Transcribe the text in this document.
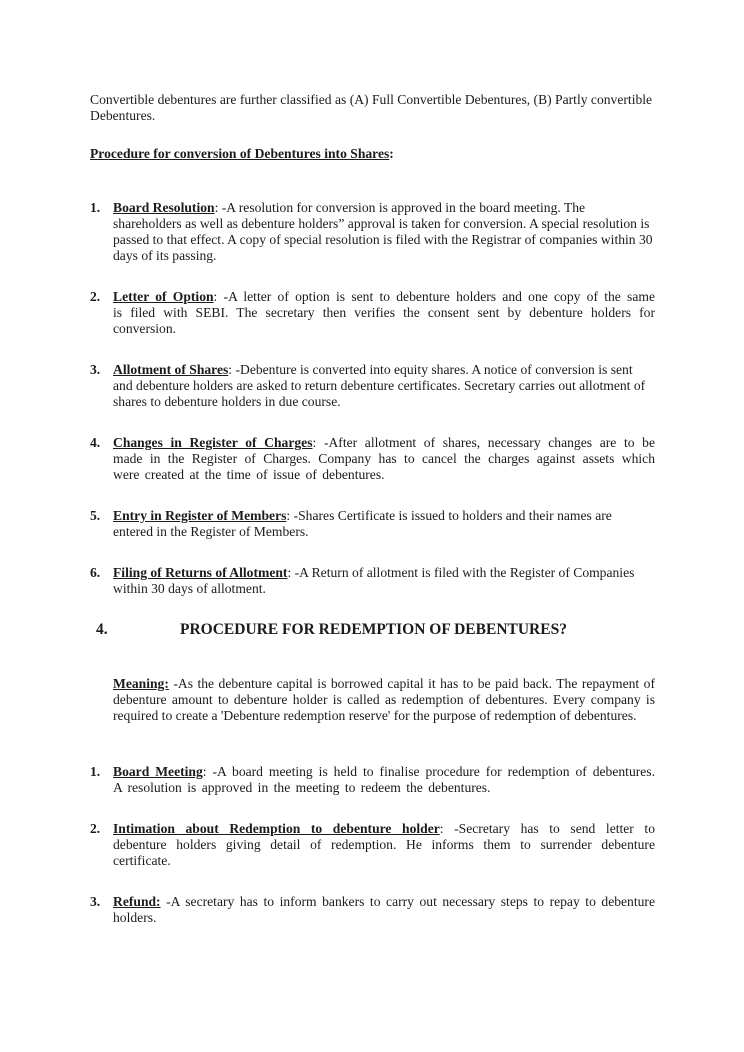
Convertible debentures are further classified as (A) Full Convertible Debentures, (B) Partly convertible Debentures.

Procedure for conversion of Debentures into Shares:

1. Board Resolution: -A resolution for conversion is approved in the board meeting. The shareholders as well as debenture holders” approval is taken for conversion. A special resolution is passed to that effect. A copy of special resolution is filed with the Registrar of companies within 30 days of its passing.
2. Letter of Option: -A letter of option is sent to debenture holders and one copy of the same is filed with SEBI. The secretary then verifies the consent sent by debenture holders for conversion.
3. Allotment of Shares: -Debenture is converted into equity shares. A notice of conversion is sent and debenture holders are asked to return debenture certificates. Secretary carries out allotment of shares to debenture holders in due course.
4. Changes in Register of Charges: -After allotment of shares, necessary changes are to be made in the Register of Charges. Company has to cancel the charges against assets which were created at the time of issue of debentures.
5. Entry in Register of Members: -Shares Certificate is issued to holders and their names are entered in the Register of Members.
6. Filing of Returns of Allotment: -A Return of allotment is filed with the Register of Companies within 30 days of allotment.
4.	PROCEDURE FOR REDEMPTION OF DEBENTURES?

Meaning: -As the debenture capital is borrowed capital it has to be paid back. The repayment of debenture amount to debenture holder is called as redemption of debentures. Every company is required to create a 'Debenture redemption reserve' for the purpose of redemption of debentures.

1. Board Meeting: -A board meeting is held to finalise procedure for redemption of debentures. A resolution is approved in the meeting to redeem the debentures.
2. Intimation about Redemption to debenture holder: -Secretary has to send letter to debenture holders giving detail of redemption. He informs them to surrender debenture certificate.
3. Refund: -A secretary has to inform bankers to carry out necessary steps to repay to debenture holders.
